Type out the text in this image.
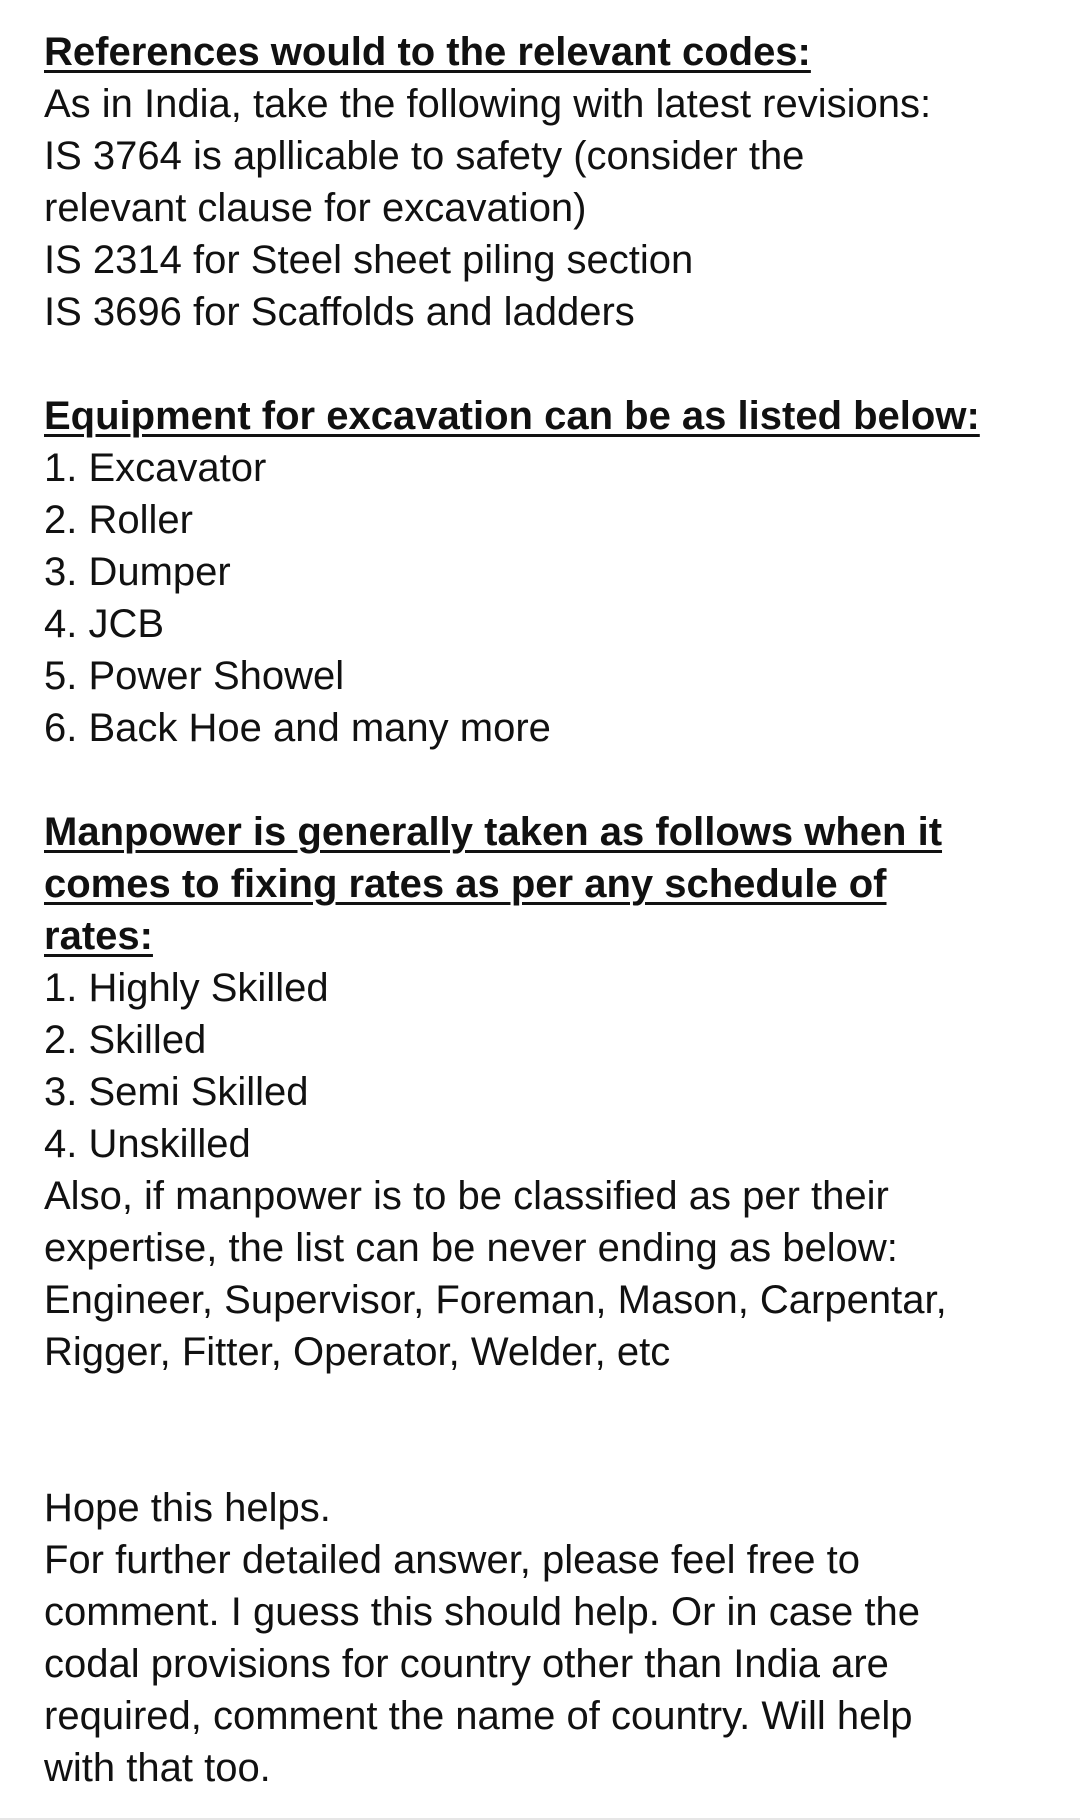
References would to the relevant codes:
As in India, take the following with latest revisions:
IS 3764 is apllicable to safety (consider the
relevant clause for excavation)
IS 2314 for Steel sheet piling section
IS 3696 for Scaffolds and ladders
Equipment for excavation can be as listed below:
1. Excavator
2. Roller
3. Dumper
4. JCB
5. Power Showel
6. Back Hoe and many more
Manpower is generally taken as follows when it
comes to fixing rates as per any schedule of
rates:
1. Highly Skilled
2. Skilled
3. Semi Skilled
4. Unskilled
Also, if manpower is to be classified as per their
expertise, the list can be never ending as below:
Engineer, Supervisor, Foreman, Mason, Carpentar,
Rigger, Fitter, Operator, Welder, etc
Hope this helps.
For further detailed answer, please feel free to
comment. I guess this should help. Or in case the
codal provisions for country other than India are
required, comment the name of country. Will help
with that too.
